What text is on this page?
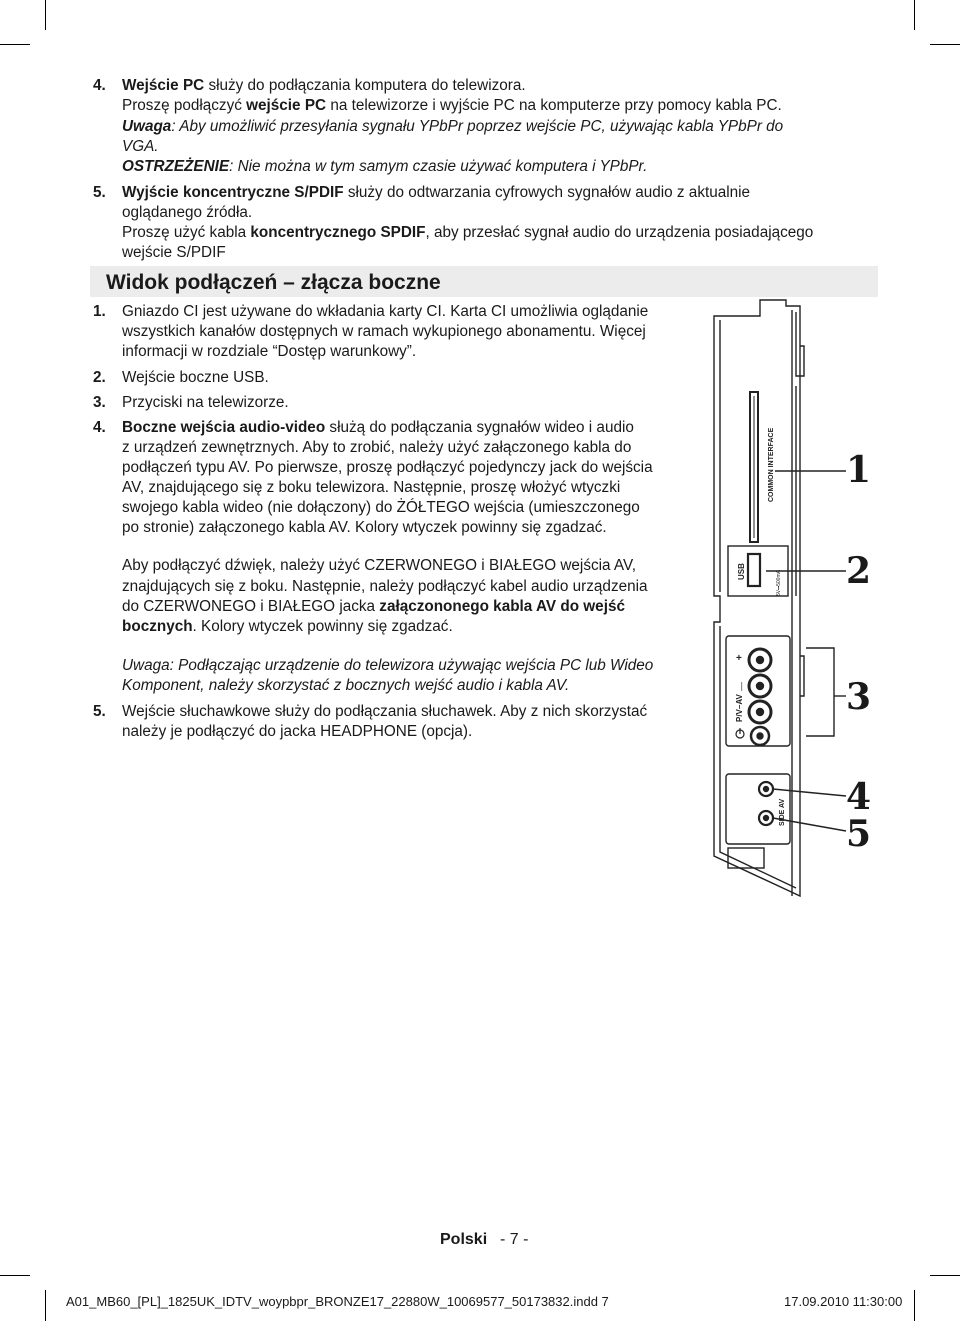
4. Wejście PC służy do podłączania komputera do telewizora.
Proszę podłączyć wejście PC na telewizorze i wyjście PC na komputerze przy pomocy kabla PC.
Uwaga: Aby umożliwić przesyłania sygnału YPbPr poprzez wejście PC, używając kabla YPbPr do
VGA.
OSTRZEŻENIE: Nie można w tym samym czasie używać komputera i YPbPr.
5. Wyjście koncentryczne S/PDIF służy do odtwarzania cyfrowych sygnałów audio z aktualnie
oglądanego źródła.
Proszę użyć kabla koncentrycznego SPDIF, aby przesłać sygnał audio do urządzenia posiadającego
wejście S/PDIF
Widok podłączeń – złącza boczne
1. Gniazdo CI jest używane do wkładania karty CI. Karta CI umożliwia oglądanie
wszystkich kanałów dostępnych w ramach wykupionego abonamentu. Więcej
informacji w rozdziale “Dostęp warunkowy”.
2. Wejście boczne USB.
3. Przyciski na telewizorze.
4. Boczne wejścia audio-video służą do podłączania sygnałów wideo i audio
z urządzeń zewnętrznych. Aby to zrobić, należy użyć załączonego kabla do
podłączeń typu AV. Po pierwsze, proszę podłączyć pojedynczy jack do wejścia
AV, znajdującego się z boku telewizora. Następnie, proszę włożyć wtyczki
swojego kabla wideo (nie dołączony) do ŻÓŁTEGO wejścia (umieszczonego
po stronie) załączonego kabla AV. Kolory wtyczek powinny się zgadzać.
Aby podłączyć dźwięk, należy użyć CZERWONEGO i BIAŁEGO wejścia AV,
znajdujących się z boku. Następnie, należy podłączyć kabel audio urządzenia
do CZERWONEGO i BIAŁEGO jacka załączononego kabla AV do wejść
bocznych. Kolory wtyczek powinny się zgadzać.
Uwaga: Podłączając urządzenie do telewizora używając wejścia PC lub Wideo
Komponent, należy skorzystać z bocznych wejść audio i kabla AV.
5. Wejście słuchawkowe służy do podłączania słuchawek. Aby z nich skorzystać
należy je podłączyć do jacka HEADPHONE (opcja).
COMMON INTERFACE
USB	5V⎓500mA
P/V–AV
+
—
SIDE AV
1
2
3
4
5
Polski - 7 -
A01_MB60_[PL]_1825UK_IDTV_woypbpr_BRONZE17_22880W_10069577_50173832.indd 7	17.09.2010 11:30:00
